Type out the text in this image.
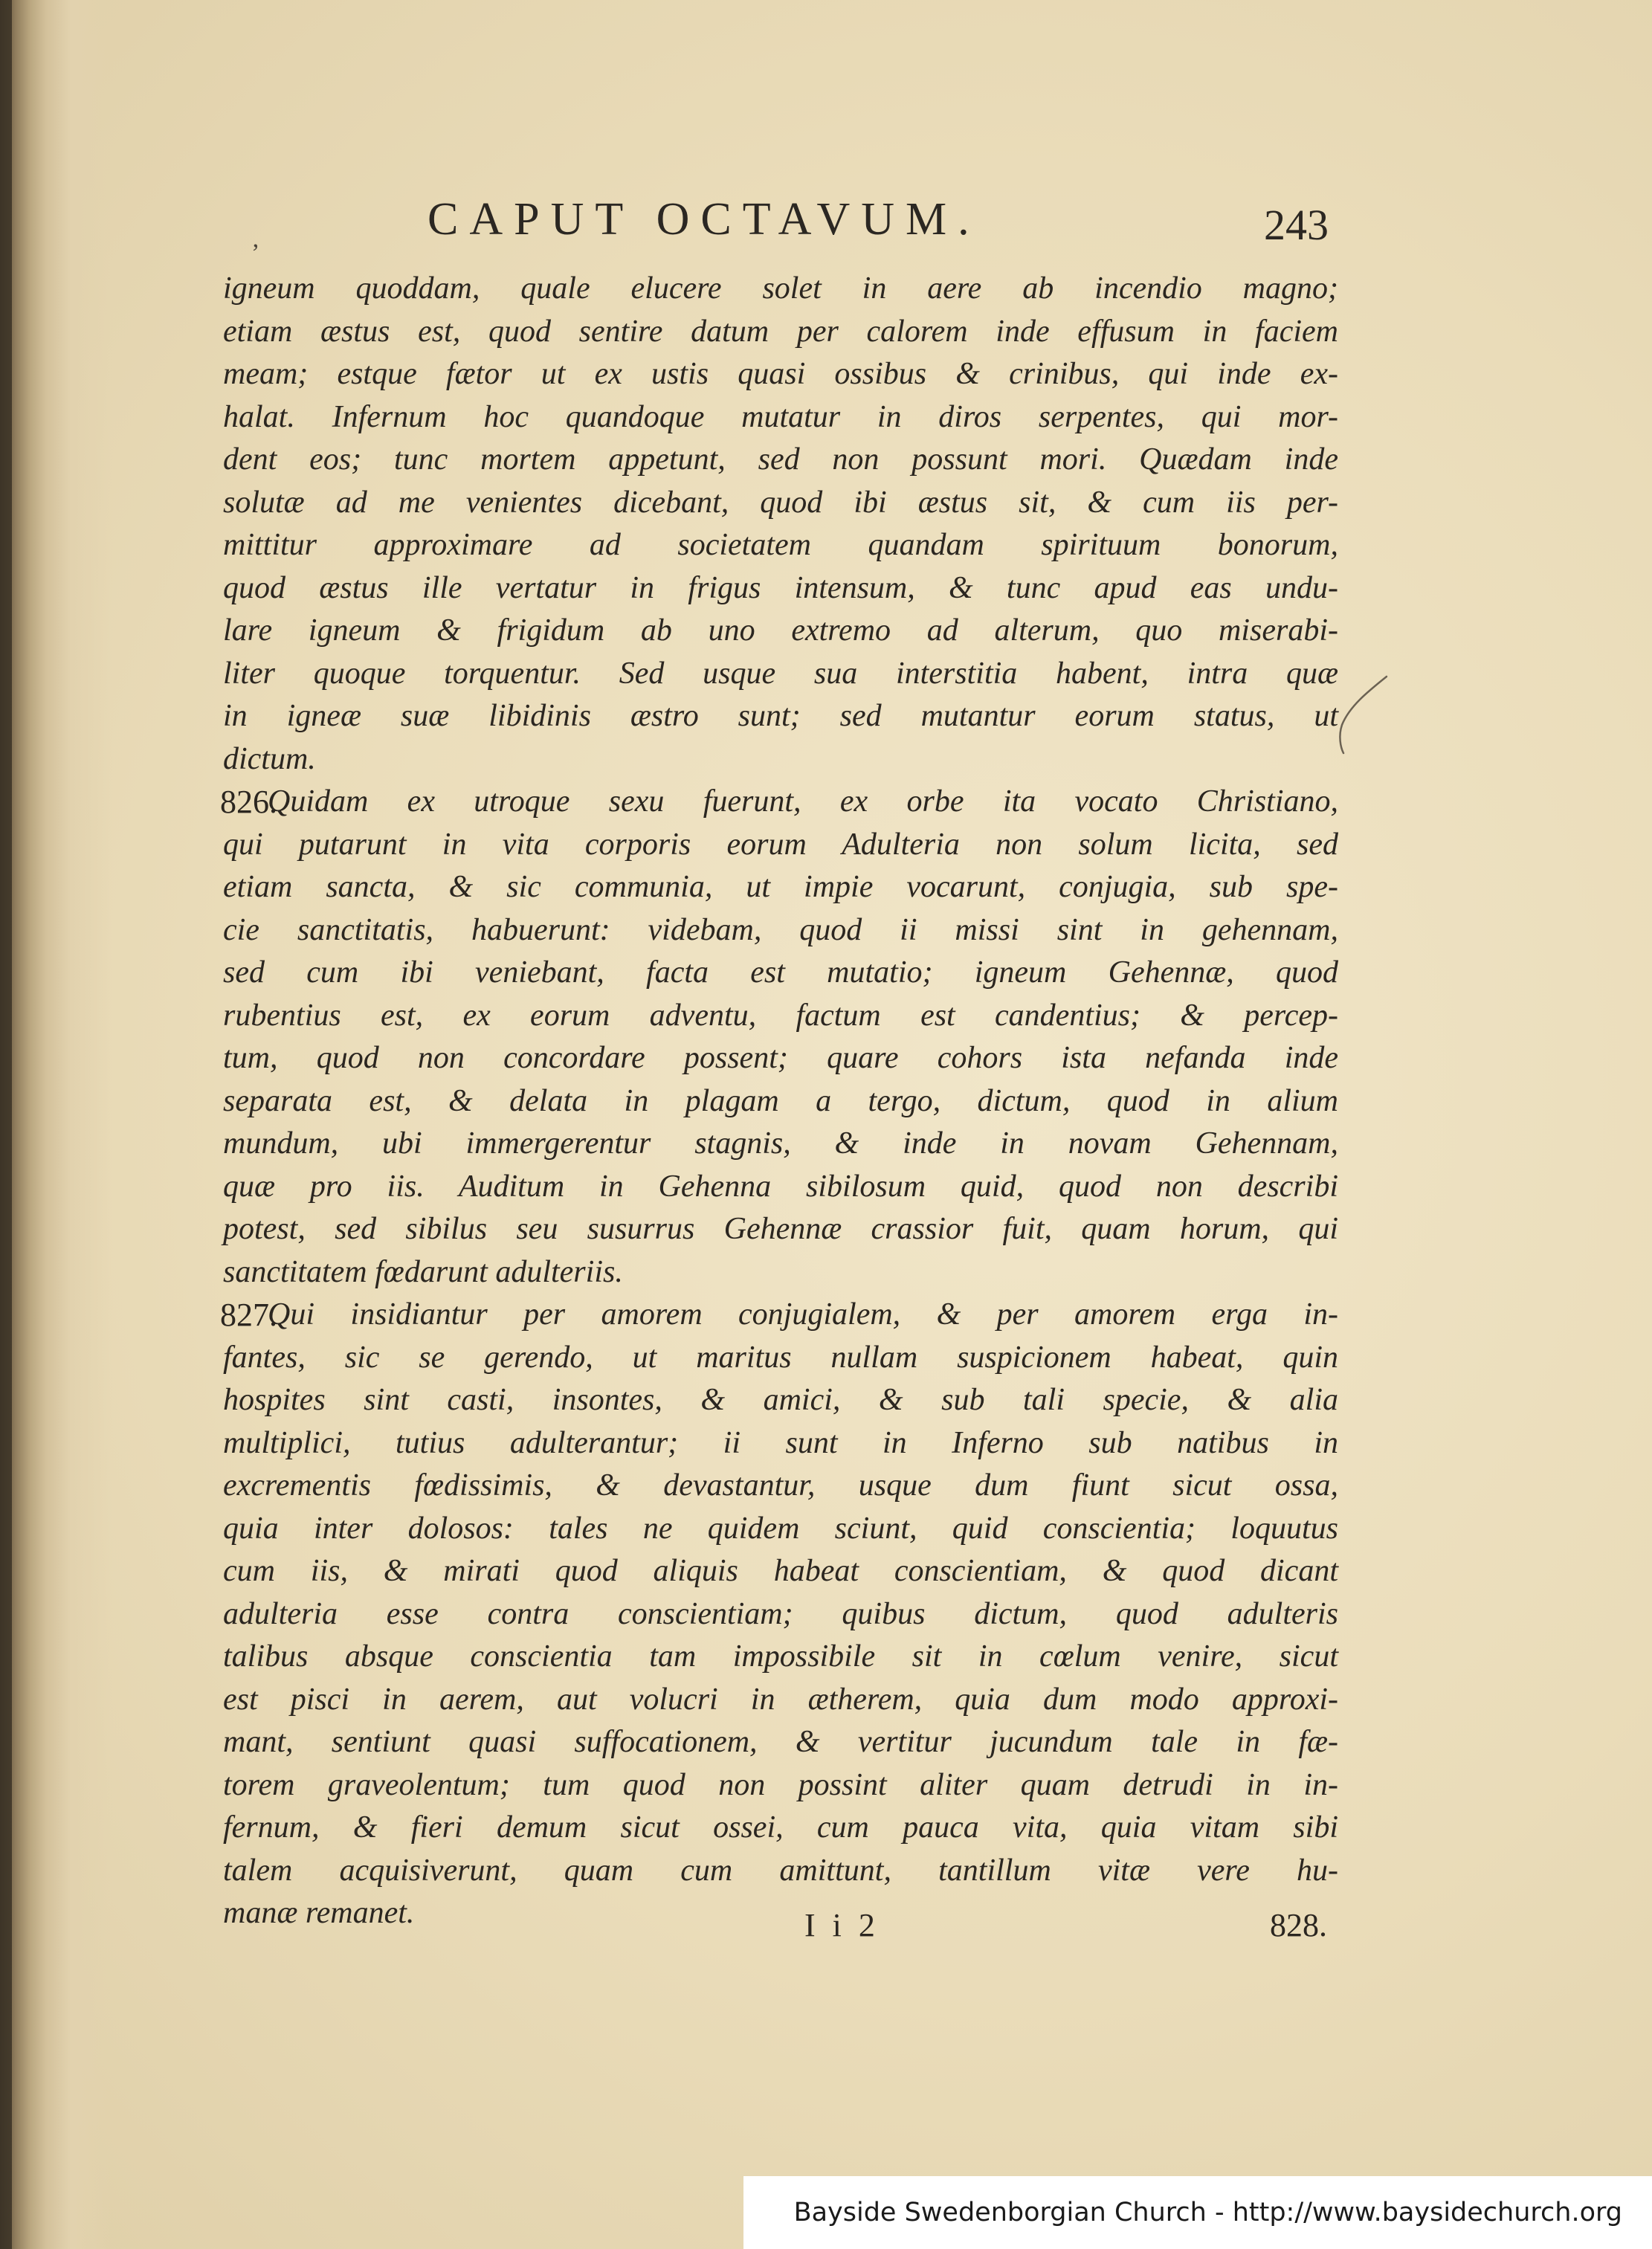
‚	CAPUT OCTAVUM.	243
igneum quoddam, quale elucere solet in aere ab incendio magno;
etiam æstus est, quod sentire datum per calorem inde effusum in faciem
meam; estque fætor ut ex ustis quasi ossibus & crinibus, qui inde ex-
halat. Infernum hoc quandoque mutatur in diros serpentes, qui mor-
dent eos; tunc mortem appetunt, sed non possunt mori. Quædam inde
solutæ ad me venientes dicebant, quod ibi æstus sit, & cum iis per-
mittitur approximare ad societatem quandam spirituum bonorum,
quod æstus ille vertatur in frigus intensum, & tunc apud eas undu-
lare igneum & frigidum ab uno extremo ad alterum, quo miserabi-
liter quoque torquentur. Sed usque sua interstitia habent, intra quæ
in igneæ suæ libidinis æstro sunt; sed mutantur eorum status, ut
dictum.
826.
Quidam ex utroque sexu fuerunt, ex orbe ita vocato Christiano,
qui putarunt in vita corporis eorum Adulteria non solum licita, sed
etiam sancta, & sic communia, ut impie vocarunt, conjugia, sub spe-
cie sanctitatis, habuerunt: videbam, quod ii missi sint in gehennam,
sed cum ibi veniebant, facta est mutatio; igneum Gehennæ, quod
rubentius est, ex eorum adventu, factum est candentius; & percep-
tum, quod non concordare possent; quare cohors ista nefanda inde
separata est, & delata in plagam a tergo, dictum, quod in alium
mundum, ubi immergerentur stagnis, & inde in novam Gehennam,
quæ pro iis. Auditum in Gehenna sibilosum quid, quod non describi
potest, sed sibilus seu susurrus Gehennæ crassior fuit, quam horum, qui
sanctitatem fœdarunt adulteriis.
827.
Qui insidiantur per amorem conjugialem, & per amorem erga in-
fantes, sic se gerendo, ut maritus nullam suspicionem habeat, quin
hospites sint casti, insontes, & amici, & sub tali specie, & alia
multiplici, tutius adulterantur; ii sunt in Inferno sub natibus in
excrementis fœdissimis, & devastantur, usque dum fiunt sicut ossa,
quia inter dolosos: tales ne quidem sciunt, quid conscientia; loquutus
cum iis, & mirati quod aliquis habeat conscientiam, & quod dicant
adulteria esse contra conscientiam; quibus dictum, quod adulteris
talibus absque conscientia tam impossibile sit in cœlum venire, sicut
est pisci in aerem, aut volucri in ætherem, quia dum modo approxi-
mant, sentiunt quasi suffocationem, & vertitur jucundum tale in fæ-
torem graveolentum; tum quod non possint aliter quam detrudi in in-
fernum, & fieri demum sicut ossei, cum pauca vita, quia vitam sibi
talem acquisiverunt, quam cum amittunt, tantillum vitæ vere hu-
manæ remanet.	I i 2	828.
Bayside Swedenborgian Church - http://www.baysidechurch.org
